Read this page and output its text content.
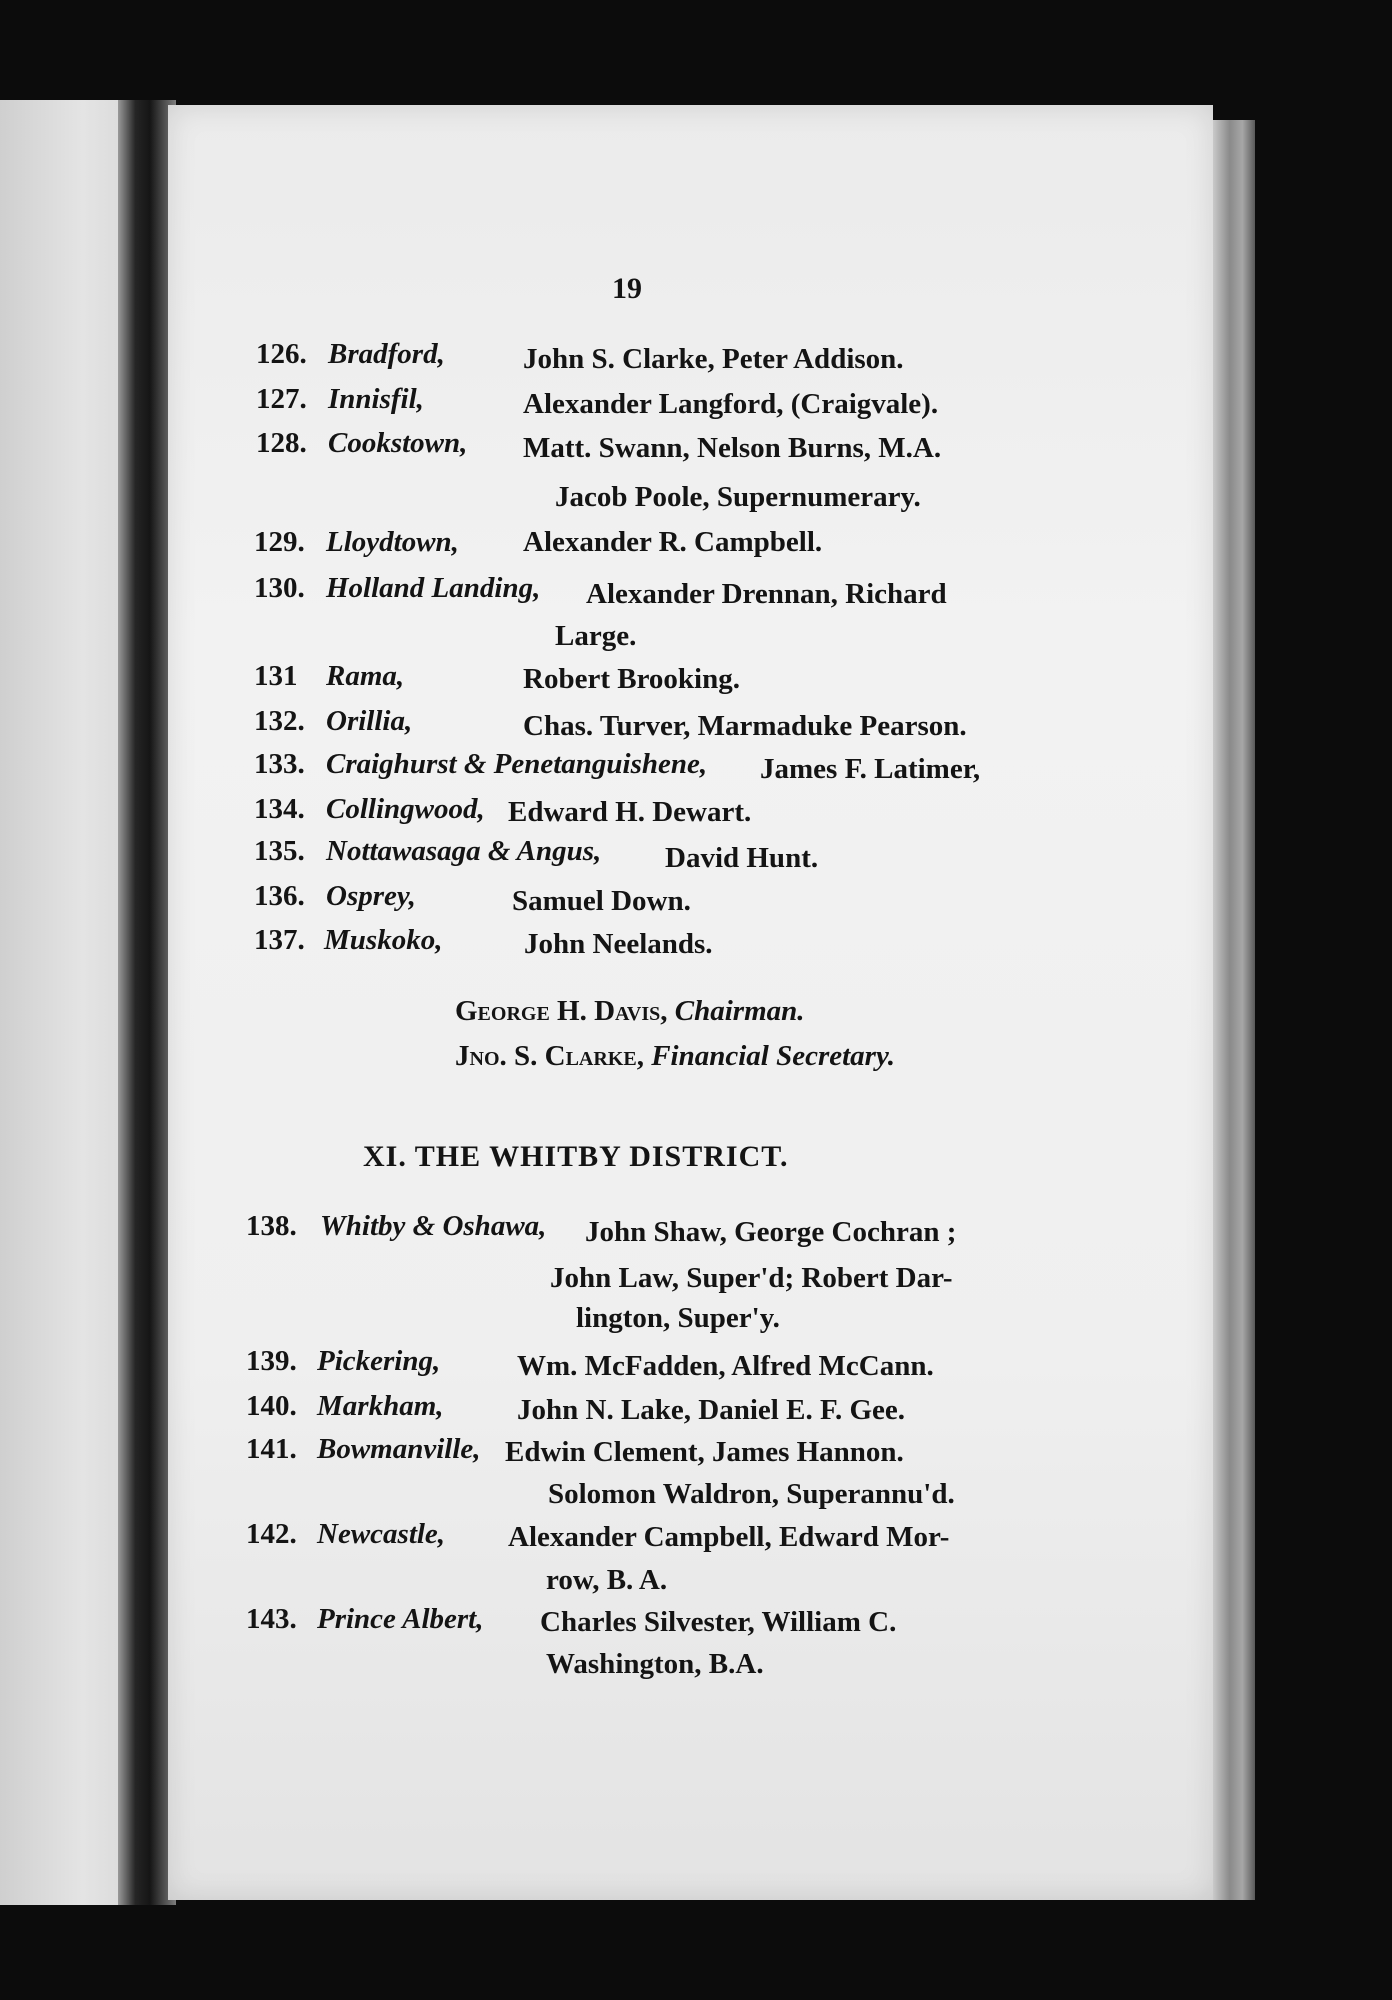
19
126. Bradford,	John S. Clarke, Peter Addison.
127. Innisfil,	Alexander Langford, (Craigvale).
128. Cookstown, Matt. Swann, Nelson Burns, M.A.
Jacob Poole, Supernumerary.
129. Lloydtown, Alexander R. Campbell.
130. Holland Landing,	Alexander Drennan, Richard
Large.
131 Rama,	Robert Brooking.
132. Orillia,	Chas. Turver, Marmaduke Pearson.
133. Craighurst & Penetanguishene, James F. Latimer,
134. Collingwood, Edward H. Dewart.
135. Nottawasaga & Angus, David Hunt.
136. Osprey,	Samuel Down.
137. Muskoko,	John Neelands.
George H. Davis, Chairman.
Jno. S. Clarke, Financial Secretary.
XI. THE WHITBY DISTRICT.
138. Whitby & Oshawa, John Shaw, George Cochran ;
John Law, Super'd; Robert Dar-
lington, Super'y.
139. Pickering,	Wm. McFadden, Alfred McCann.
140. Markham,	John N. Lake, Daniel E. F. Gee.
141. Bowmanville, Edwin Clement, James Hannon.
Solomon Waldron, Superannu'd.
142. Newcastle, Alexander Campbell, Edward Mor-
row, B. A.
143. Prince Albert, Charles Silvester, William C.
Washington, B.A.
